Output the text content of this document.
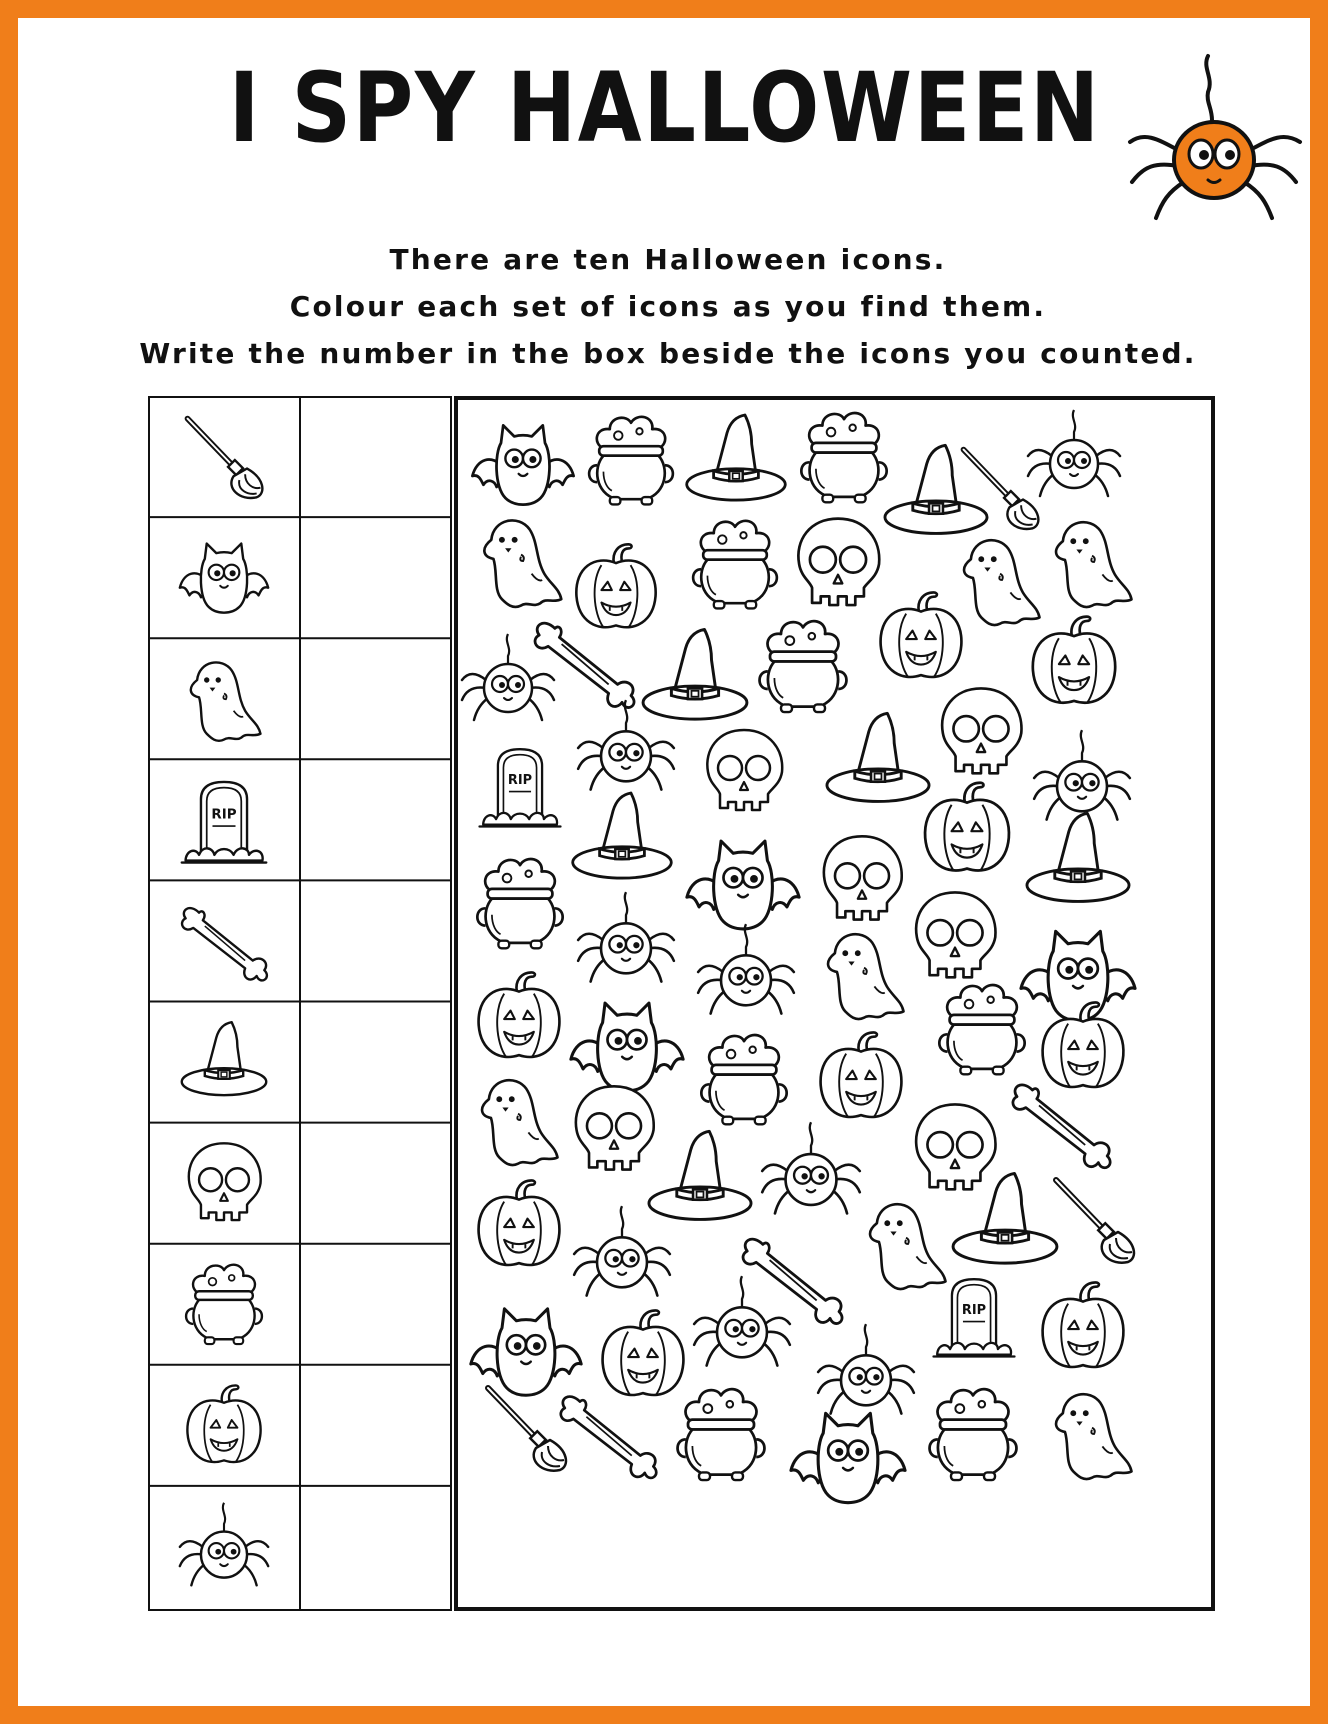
I SPY HALLOWEEN
There are ten Halloween icons.
Colour each set of icons as you find them.
Write the number in the box beside the icons you counted.
RIP
RIP
RIP
